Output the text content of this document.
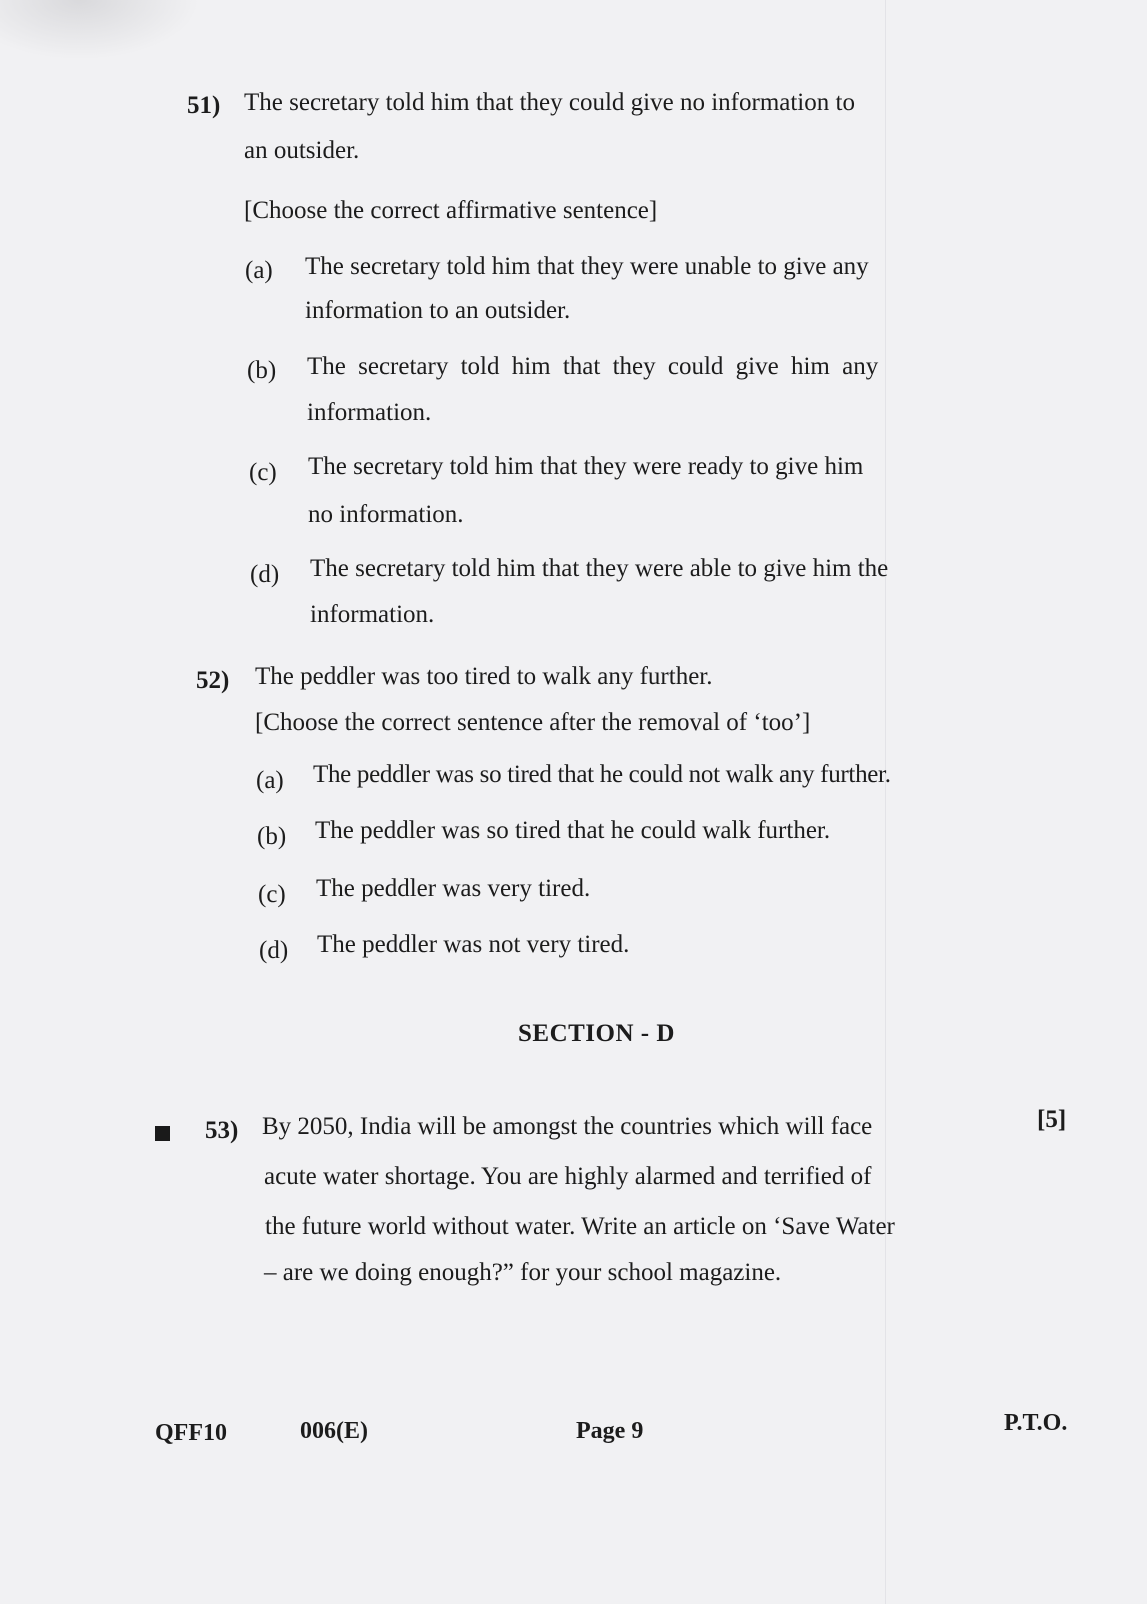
51) The secretary told him that they could give no information to
an outsider.
[Choose the correct affirmative sentence]
(a) The secretary told him that they were unable to give any
information to an outsider.
(b) The secretary told him that they could give him any
information.
(c) The secretary told him that they were ready to give him
no information.
(d) The secretary told him that they were able to give him the
information.
52) The peddler was too tired to walk any further.
[Choose the correct sentence after the removal of ‘too’]
(a) The peddler was so tired that he could not walk any further.
(b) The peddler was so tired that he could walk further.
(c) The peddler was very tired.
(d) The peddler was not very tired.
SECTION - D
53) By 2050, India will be amongst the countries which will face	[5]
acute water shortage. You are highly alarmed and terrified of
the future world without water. Write an article on ‘Save Water
– are we doing enough?” for your school magazine.
QFF10	006(E)	Page 9	P.T.O.
